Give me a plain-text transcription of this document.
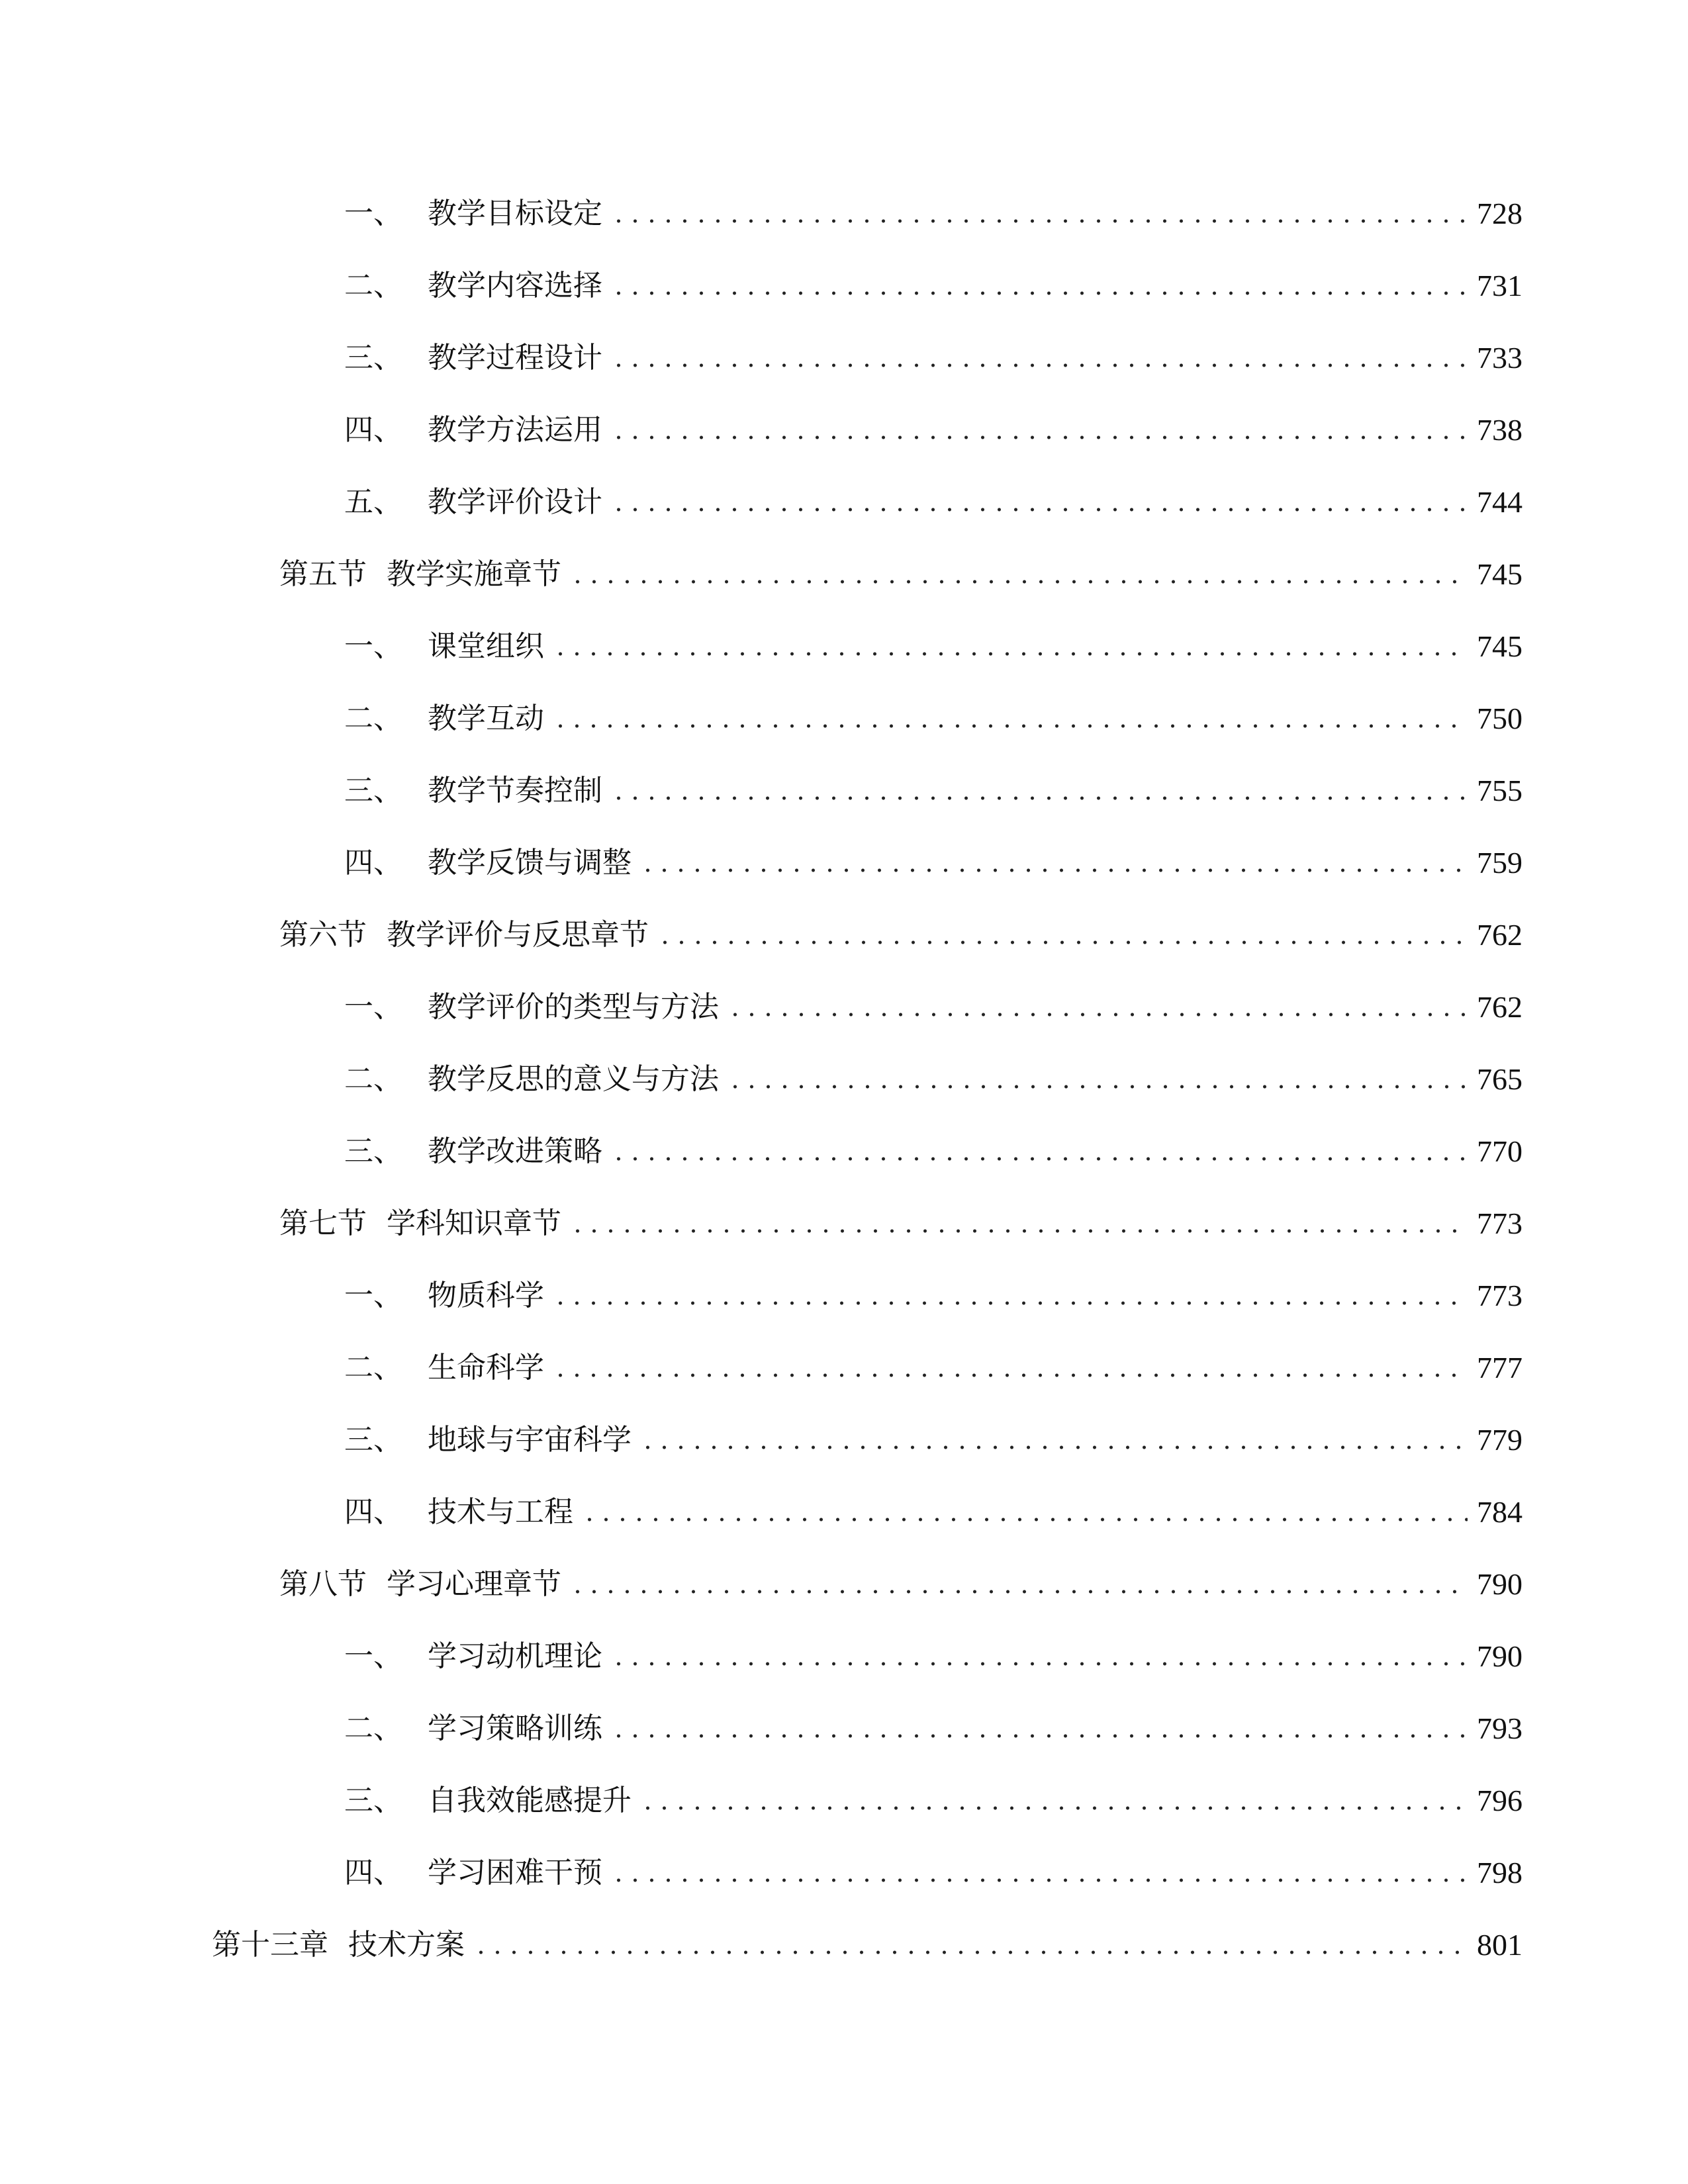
一、 教学目标设定	728
二、 教学内容选择	731
三、 教学过程设计	733
四、 教学方法运用	738
五、 教学评价设计	744
第五节 教学实施章节	745
一、 课堂组织	745
二、 教学互动	750
三、 教学节奏控制	755
四、 教学反馈与调整	759
第六节 教学评价与反思章节	762
一、 教学评价的类型与方法	762
二、 教学反思的意义与方法	765
三、 教学改进策略	770
第七节 学科知识章节	773
一、 物质科学	773
二、 生命科学	777
三、 地球与宇宙科学	779
四、 技术与工程	784
第八节 学习心理章节	790
一、 学习动机理论	790
二、 学习策略训练	793
三、 自我效能感提升	796
四、 学习困难干预	798
第十三章 技术方案	801
